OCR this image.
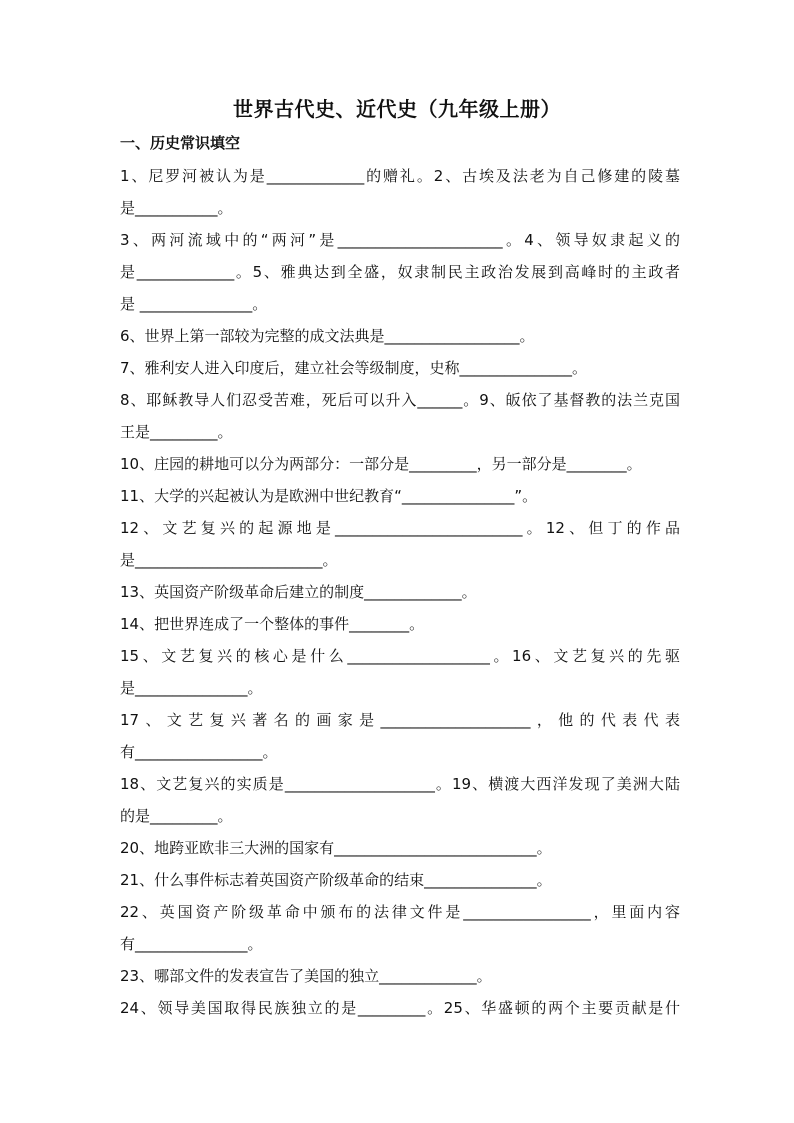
世界古代史、近代史（九年级上册）
一、历史常识填空
1、尼罗河被认为是_____________的赠礼。2、古埃及法老为自己修建的陵墓
是___________。
3、两河流域中的“两河”是______________________。4、领导奴隶起义的
是_____________。5、雅典达到全盛，奴隶制民主政治发展到高峰时的主政者
是 _______________。
6、世界上第一部较为完整的成文法典是__________________。
7、雅利安人进入印度后，建立社会等级制度，史称_______________。
8、耶稣教导人们忍受苦难，死后可以升入______。9、皈依了基督教的法兰克国
王是_________。
10、庄园的耕地可以分为两部分：一部分是_________，另一部分是________。
11、大学的兴起被认为是欧洲中世纪教育“_______________”。
12、文艺复兴的起源地是_________________________。12、但丁的作品
是_________________________。
13、英国资产阶级革命后建立的制度_____________。
14、把世界连成了一个整体的事件________。
15、文艺复兴的核心是什么___________________。16、文艺复兴的先驱
是_______________。
17、文艺复兴著名的画家是____________________，他的代表代表
有_________________。
18、文艺复兴的实质是____________________。19、横渡大西洋发现了美洲大陆
的是_________。
20、地跨亚欧非三大洲的国家有___________________________。
21、什么事件标志着英国资产阶级革命的结束_______________。
22、英国资产阶级革命中颁布的法律文件是_________________，里面内容
有_______________。
23、哪部文件的发表宣告了美国的独立_____________。
24、领导美国取得民族独立的是_________。25、华盛顿的两个主要贡献是什
